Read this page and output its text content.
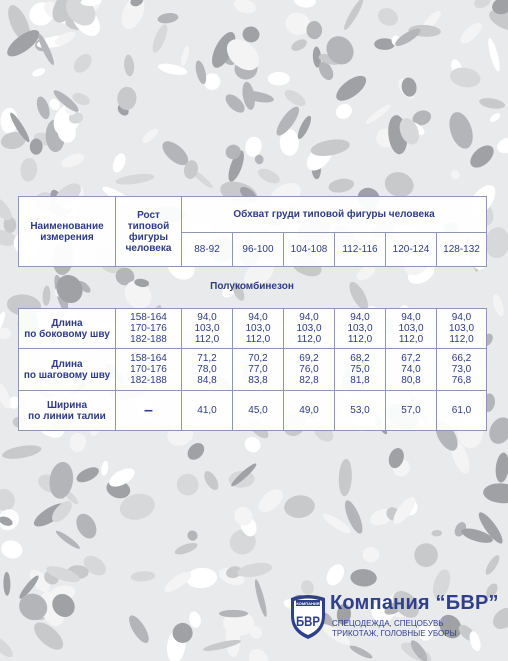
Наименование
измерения	Рост
типовой
фигуры
человека	Обхват груди типовой фигуры человека					
		88-92	96-100	104-108	112-116	120-124	128-132
Полукомбинезон
Длина
по боковому шву	158-164
170-176
182-188	94,0
103,0
112,0	94,0
103,0
112,0	94,0
103,0
112,0	94,0
103,0
112,0	94,0
103,0
112,0	94,0
103,0
112,0
Длина
по шаговому шву	158-164
170-176
182-188	71,2
78,0
84,8	70,2
77,0
83,8	69,2
76,0
82,8	68,2
75,0
81,8	67,2
74,0
80,8	66,2
73,0
76,8
Ширина
по линии талии	–	41,0	45,0	49,0	53,0	57,0	61,0
КОМПАНИЯ
БВР
Компания “БВР”
СПЕЦОДЕЖДА, СПЕЦОБУВЬ
ТРИКОТАЖ, ГОЛОВНЫЕ УБОРЫ
